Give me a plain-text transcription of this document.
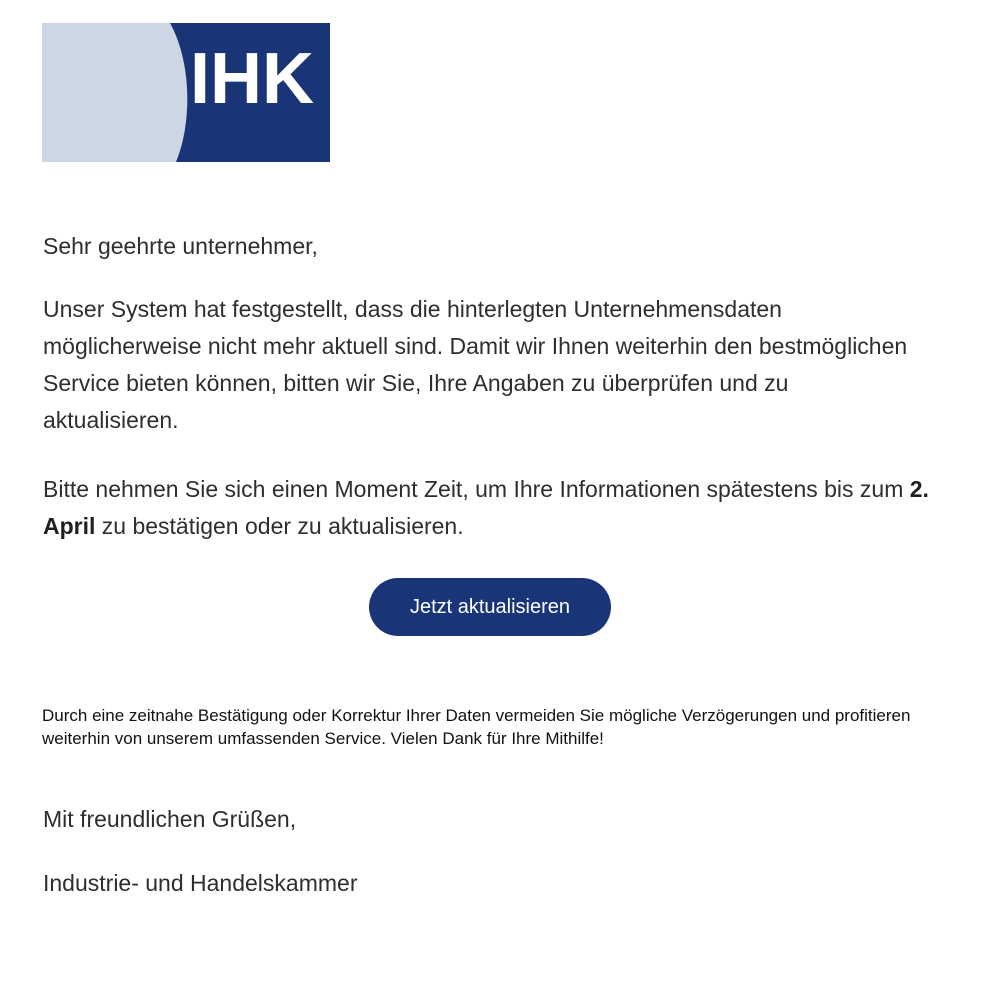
IHK

Sehr geehrte unternehmer,

Unser System hat festgestellt, dass die hinterlegten Unternehmensdaten möglicherweise nicht mehr aktuell sind. Damit wir Ihnen weiterhin den bestmöglichen Service bieten können, bitten wir Sie, Ihre Angaben zu überprüfen und zu aktualisieren.

Bitte nehmen Sie sich einen Moment Zeit, um Ihre Informationen spätestens bis zum 2. April zu bestätigen oder zu aktualisieren.

Jetzt aktualisieren

Durch eine zeitnahe Bestätigung oder Korrektur Ihrer Daten vermeiden Sie mögliche Verzögerungen und profitieren weiterhin von unserem umfassenden Service. Vielen Dank für Ihre Mithilfe!

Mit freundlichen Grüßen,

Industrie- und Handelskammer
